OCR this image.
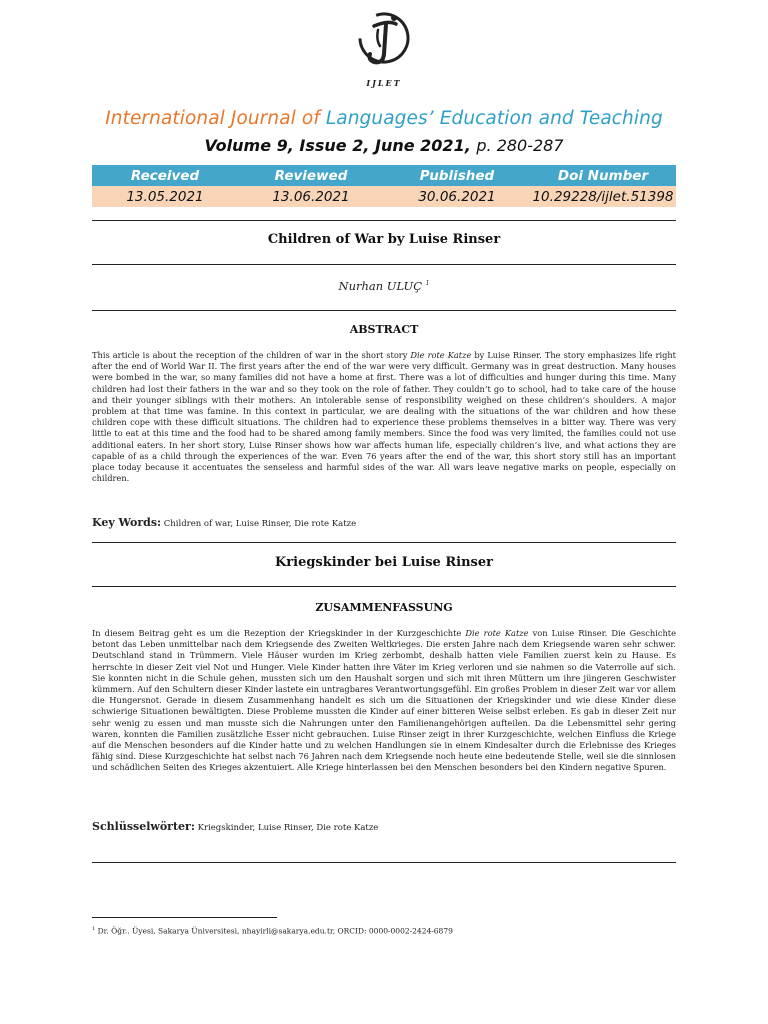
IJLET
International Journal of Languages’ Education and Teaching
Volume 9, Issue 2, June 2021, p. 280-287
Received	Reviewed	Published	Doi Number
13.05.2021	13.06.2021	30.06.2021	10.29228/ijlet.51398
Children of War by Luise Rinser
Nurhan ULUÇ $^1$
ABSTRACT

This article is about the reception of the children of war in the short story Die rote Katze by Luise Rinser. The story emphasizes life right after the end of World War II. The first years after the end of the war were very difficult. Germany was in great destruction. Many houses were bombed in the war, so many families did not have a home at first. There was a lot of difficulties and hunger during this time. Many children had lost their fathers in the war and so they took on the role of father. They couldn’t go to school, had to take care of the house and their younger siblings with their mothers. An intolerable sense of responsibility weighed on these children’s shoulders. A major problem at that time was famine. In this context in particular, we are dealing with the situations of the war children and how these children cope with these difficult situations. The children had to experience these problems themselves in a bitter way. There was very little to eat at this time and the food had to be shared among family members. Since the food was very limited, the families could not use additional eaters. In her short story, Luise Rinser shows how war affects human life, especially children’s live, and what actions they are capable of as a child through the experiences of the war. Even 76 years after the end of the war, this short story still has an important place today because it accentuates the senseless and harmful sides of the war. All wars leave negative marks on people, especially on children.

Key Words: Children of war, Luise Rinser, Die rote Katze
Kriegskinder bei Luise Rinser
ZUSAMMENFASSUNG

In diesem Beitrag geht es um die Rezeption der Kriegskinder in der Kurzgeschichte Die rote Katze von Luise Rinser. Die Geschichte betont das Leben unmittelbar nach dem Kriegsende des Zweiten Weltkrieges. Die ersten Jahre nach dem Kriegsende waren sehr schwer. Deutschland stand in Trümmern. Viele Häuser wurden im Krieg zerbombt, deshalb hatten viele Familien zuerst kein zu Hause. Es herrschte in dieser Zeit viel Not und Hunger. Viele Kinder hatten ihre Väter im Krieg verloren und sie nahmen so die Vaterrolle auf sich. Sie konnten nicht in die Schule gehen, mussten sich um den Haushalt sorgen und sich mit ihren Müttern um ihre jüngeren Geschwister kümmern. Auf den Schultern dieser Kinder lastete ein untragbares Verantwortungsgefühl. Ein großes Problem in dieser Zeit war vor allem die Hungersnot. Gerade in diesem Zusammenhang handelt es sich um die Situationen der Kriegskinder und wie diese Kinder diese schwierige Situationen bewältigten. Diese Probleme mussten die Kinder auf einer bitteren Weise selbst erleben. Es gab in dieser Zeit nur sehr wenig zu essen und man musste sich die Nahrungen unter den Familienangehörigen aufteilen. Da die Lebensmittel sehr gering waren, konnten die Familien zusätzliche Esser nicht gebrauchen. Luise Rinser zeigt in ihrer Kurzgeschichte, welchen Einfluss die Kriege auf die Menschen besonders auf die Kinder hatte und zu welchen Handlungen sie in einem Kindesalter durch die Erlebnisse des Krieges fähig sind. Diese Kurzgeschichte hat selbst nach 76 Jahren nach dem Kriegsende noch heute eine bedeutende Stelle, weil sie die sinnlosen und schädlichen Seiten des Krieges akzentuiert. Alle Kriege hinterlassen bei den Menschen besonders bei den Kindern negative Spuren.

Schlüsselwörter: Kriegskinder, Luise Rinser, Die rote Katze
$^1$ Dr. Öğr.. Üyesi, Sakarya Üniversitesi, nhayirli@sakarya.edu.tr, ORCID: 0000-0002-2424-6879
